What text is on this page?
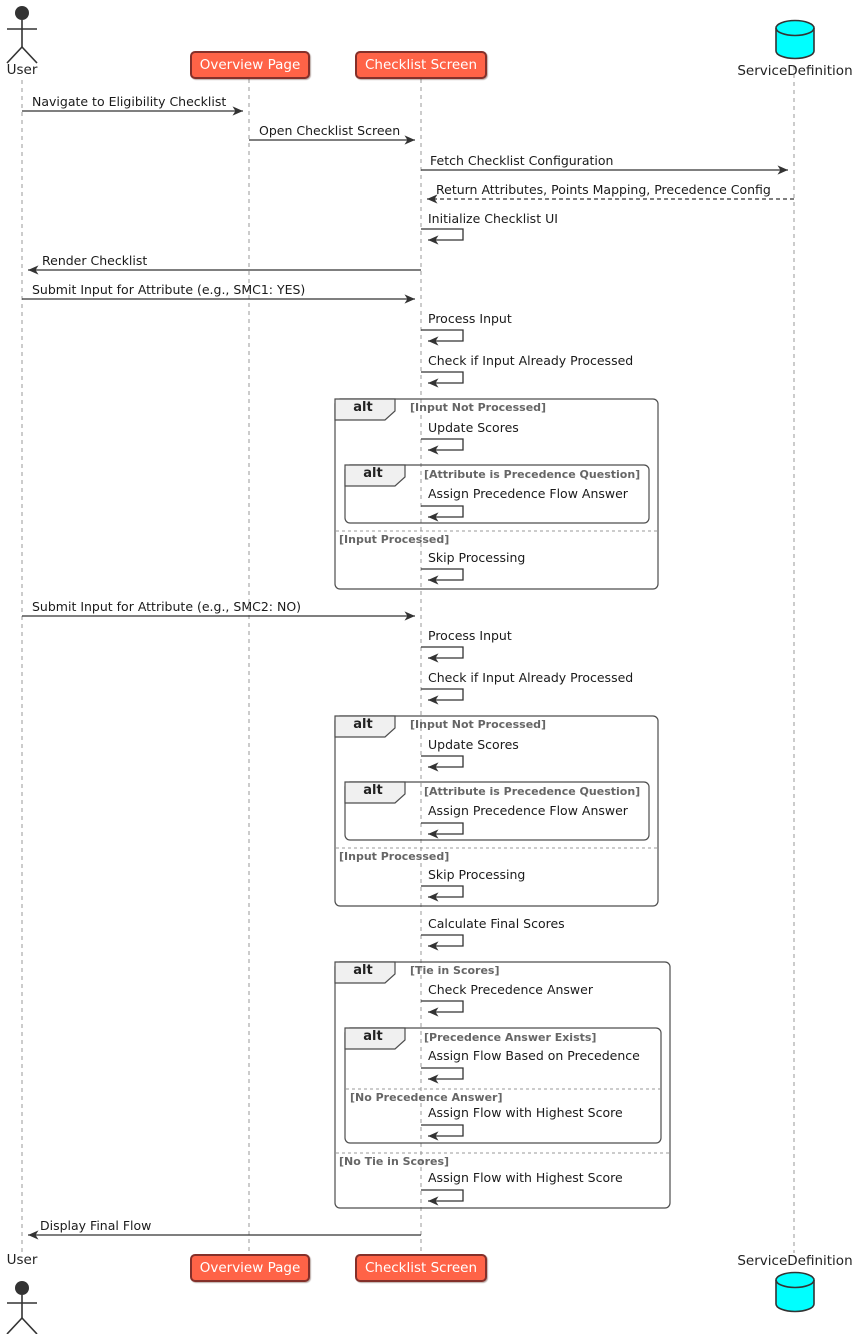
Overview Page	Checklist Screen
Overview Page	Checklist Screen
User
User
ServiceDefinition
ServiceDefinition
Navigate to Eligibility Checklist
Open Checklist Screen
Fetch Checklist Configuration
Return Attributes, Points Mapping, Precedence Config
Initialize Checklist UI
Render Checklist
Submit Input for Attribute (e.g., SMC1: YES)
Process Input
Check if Input Already Processed
Update Scores
Assign Precedence Flow Answer
Skip Processing
Submit Input for Attribute (e.g., SMC2: NO)
Process Input
Check if Input Already Processed
Update Scores
Assign Precedence Flow Answer
Skip Processing
Calculate Final Scores
Check Precedence Answer
Assign Flow Based on Precedence
Assign Flow with Highest Score
Assign Flow with Highest Score
Display Final Flow
alt
alt
alt
alt
alt
alt
[Input Not Processed]
[Input Processed]
[Attribute is Precedence Question]
[Input Not Processed]
[Input Processed]
[Attribute is Precedence Question]
[Tie in Scores]
[No Tie in Scores]
[Precedence Answer Exists]
[No Precedence Answer]
